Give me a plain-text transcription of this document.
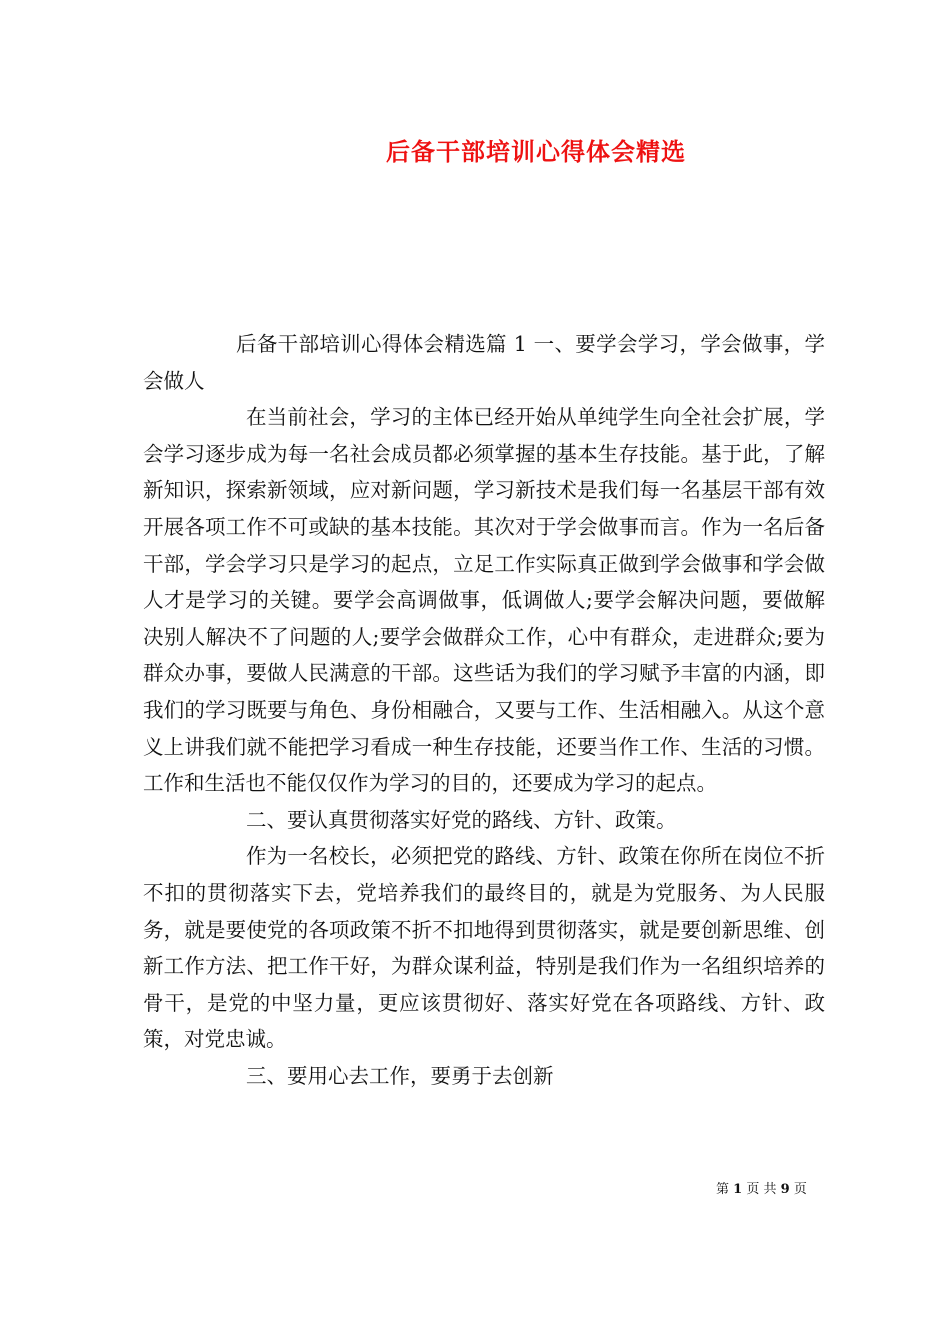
后备干部培训心得体会精选

后备干部培训心得体会精选篇 1 一、要学会学习，学会做事，学会做人

在当前社会，学习的主体已经开始从单纯学生向全社会扩展，学会学习逐步成为每一名社会成员都必须掌握的基本生存技能。基于此，了解新知识，探索新领域，应对新问题，学习新技术是我们每一名基层干部有效开展各项工作不可或缺的基本技能。其次对于学会做事而言。作为一名后备干部，学会学习只是学习的起点，立足工作实际真正做到学会做事和学会做人才是学习的关键。要学会高调做事，低调做人;要学会解决问题，要做解决别人解决不了问题的人;要学会做群众工作，心中有群众，走进群众;要为群众办事，要做人民满意的干部。这些话为我们的学习赋予丰富的内涵，即我们的学习既要与角色、身份相融合，又要与工作、生活相融入。从这个意义上讲我们就不能把学习看成一种生存技能，还要当作工作、生活的习惯。工作和生活也不能仅仅作为学习的目的，还要成为学习的起点。

二、要认真贯彻落实好党的路线、方针、政策。

作为一名校长，必须把党的路线、方针、政策在你所在岗位不折不扣的贯彻落实下去，党培养我们的最终目的，就是为党服务、为人民服务，就是要使党的各项政策不折不扣地得到贯彻落实，就是要创新思维、创新工作方法、把工作干好，为群众谋利益，特别是我们作为一名组织培养的骨干，是党的中坚力量，更应该贯彻好、落实好党在各项路线、方针、政策，对党忠诚。

三、要用心去工作，要勇于去创新

第 1 页 共 9 页
